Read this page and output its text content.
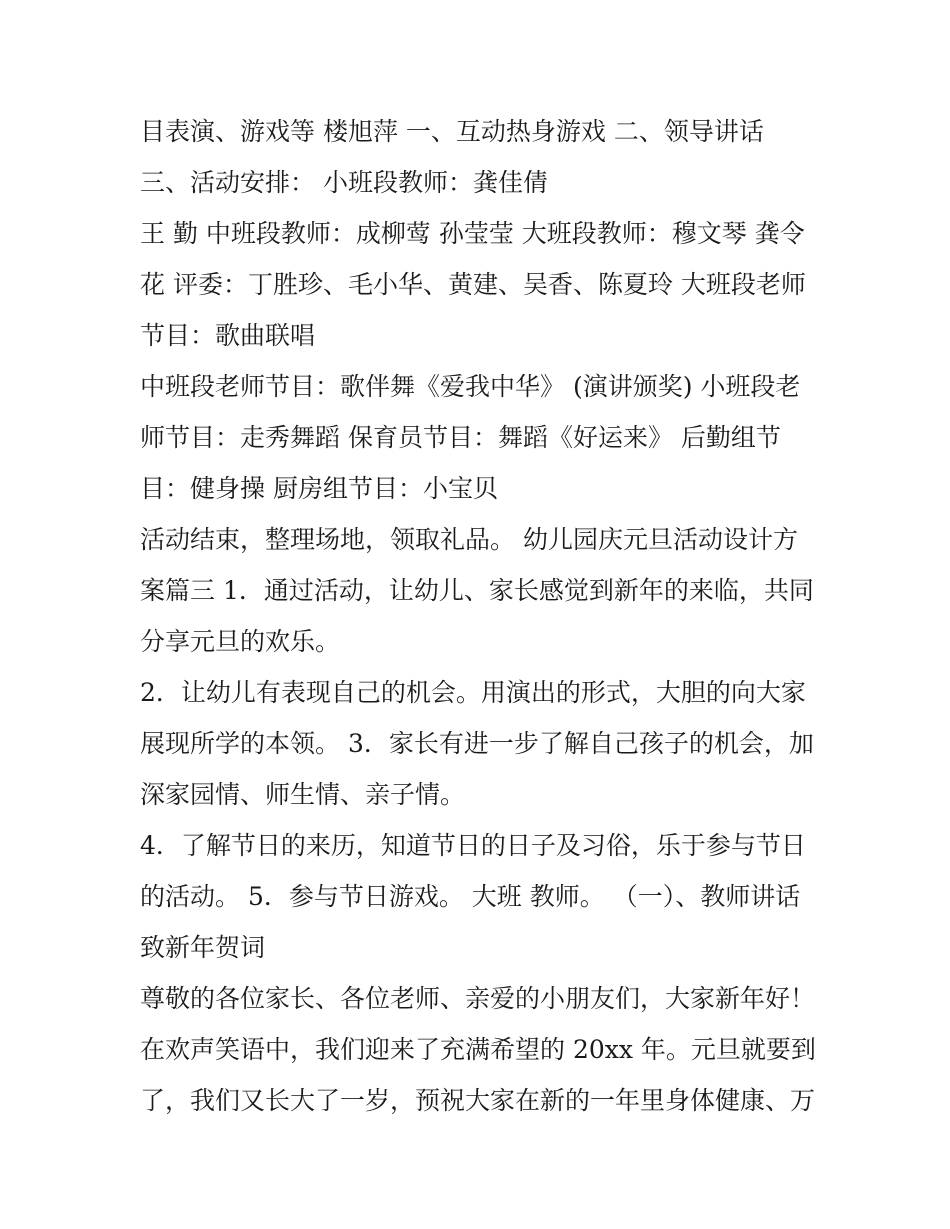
目表演、游戏等 楼旭萍 一、互动热身游戏 二、领导讲话
三、活动安排： 小班段教师：龚佳倩
王 勤 中班段教师：成柳莺 孙莹莹 大班段教师：穆文琴 龚令
花 评委：丁胜珍、毛小华、黄建、吴香、陈夏玲 大班段老师
节目：歌曲联唱
中班段老师节目：歌伴舞《爱我中华》 (演讲颁奖) 小班段老
师节目：走秀舞蹈 保育员节目：舞蹈《好运来》 后勤组节
目：健身操 厨房组节目：小宝贝
活动结束，整理场地，领取礼品。 幼儿园庆元旦活动设计方
案篇三 1．通过活动，让幼儿、家长感觉到新年的来临，共同
分享元旦的欢乐。
2．让幼儿有表现自己的机会。用演出的形式，大胆的向大家
展现所学的本领。 3．家长有进一步了解自己孩子的机会，加
深家园情、师生情、亲子情。
4．了解节日的来历，知道节日的日子及习俗，乐于参与节日
的活动。 5．参与节日游戏。 大班 教师。 （一）、教师讲话
致新年贺词
尊敬的各位家长、各位老师、亲爱的小朋友们，大家新年好！
在欢声笑语中，我们迎来了充满希望的 20xx 年。元旦就要到
了，我们又长大了一岁，预祝大家在新的一年里身体健康、万
